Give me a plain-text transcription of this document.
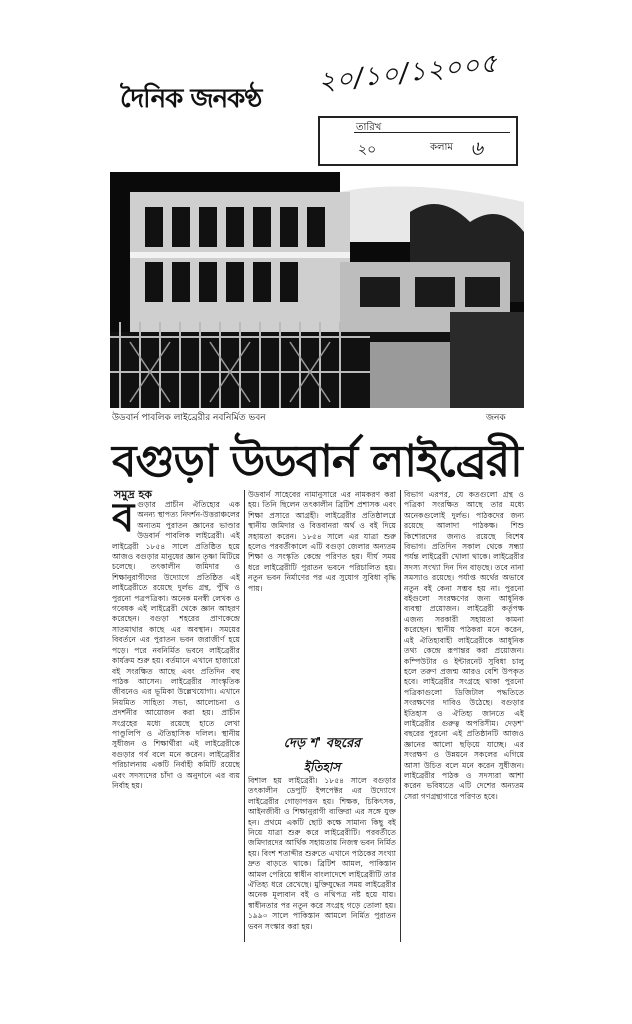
দৈনিক জনকণ্ঠ
২০/১০/১২০০৫
তারিখ
২০	কলাম ৬
উডবার্ন পাবলিক লাইব্রেরীর নবনির্মিত ভবন	জনক
বগুড়া উডবার্ন লাইব্রেরী
সমুদ্র হক
ব গুড়ার প্রাচীন ঐতিহ্যের এক অনন্য স্থাপত্য নিদর্শন-উত্তরাঞ্চলের অন্যতম পুরাতন জ্ঞানের ভাণ্ডার উডবার্ন পাবলিক লাইব্রেরী। এই লাইব্রেরী ১৮৫৪ সালে প্রতিষ্ঠিত হয়ে আজও বগুড়ার মানুষের জ্ঞান তৃষ্ণা মিটিয়ে চলেছে। তৎকালীন জমিদার ও শিক্ষানুরাগীদের উদ্যোগে প্রতিষ্ঠিত এই লাইব্রেরীতে রয়েছে দুর্লভ গ্রন্থ, পুঁথি ও পুরনো পত্রপত্রিকা। অনেক মনস্বী লেখক ও গবেষক এই লাইব্রেরী থেকে জ্ঞান আহরণ করেছেন। বগুড়া শহরের প্রাণকেন্দ্রে সাতমাথার কাছে এর অবস্থান। সময়ের বিবর্তনে এর পুরাতন ভবন জরাজীর্ণ হয়ে পড়ে। পরে নবনির্মিত ভবনে লাইব্রেরীর কার্যক্রম শুরু হয়। বর্তমানে এখানে হাজারো বই সংরক্ষিত আছে এবং প্রতিদিন বহু পাঠক আসেন। লাইব্রেরীর সাংস্কৃতিক জীবনেও এর ভূমিকা উল্লেখযোগ্য। এখানে নিয়মিত সাহিত্য সভা, আলোচনা ও প্রদর্শনীর আয়োজন করা হয়। প্রাচীন সংগ্রহের মধ্যে রয়েছে হাতে লেখা পাণ্ডুলিপি ও ঐতিহাসিক দলিল। স্থানীয় সুধীজন ও শিক্ষার্থীরা এই লাইব্রেরীকে বগুড়ার গর্ব বলে মনে করেন। লাইব্রেরীর পরিচালনায় একটি নির্বাহী কমিটি রয়েছে এবং সদস্যদের চাঁদা ও অনুদানে এর ব্যয় নির্বাহ হয়।

উডবার্ন সাহেবের নামানুসারে এর নামকরণ করা হয়। তিনি ছিলেন তৎকালীন ব্রিটিশ প্রশাসক এবং শিক্ষা প্রসারে আগ্রহী। লাইব্রেরীর প্রতিষ্ঠালগ্নে স্থানীয় জমিদার ও বিত্তবানরা অর্থ ও বই দিয়ে সহায়তা করেন। ১৮৫৪ সালে এর যাত্রা শুরু হলেও পরবর্তীকালে এটি বগুড়া জেলার অন্যতম শিক্ষা ও সংস্কৃতি কেন্দ্রে পরিণত হয়। দীর্ঘ সময় ধরে লাইব্রেরীটি পুরাতন ভবনে পরিচালিত হয়। নতুন ভবন নির্মাণের পর এর সুযোগ সুবিধা বৃদ্ধি পায়।

দেড় শ' বছরের
ইতিহাস

বিশাল হয় লাইব্রেরী। ১৮৫৪ সালে বগুড়ার তৎকালীন ডেপুটি ইন্সপেক্টর এর উদ্যোগে লাইব্রেরীর গোড়াপত্তন হয়। শিক্ষক, চিকিৎসক, আইনজীবী ও শিক্ষানুরাগী ব্যক্তিরা এর সঙ্গে যুক্ত হন। প্রথমে একটি ছোট কক্ষে সামান্য কিছু বই নিয়ে যাত্রা শুরু করে লাইব্রেরীটি। পরবর্তীতে জমিদারদের আর্থিক সহায়তায় নিজস্ব ভবন নির্মিত হয়। বিংশ শতাব্দীর শুরুতে এখানে পাঠকের সংখ্যা দ্রুত বাড়তে থাকে। ব্রিটিশ আমল, পাকিস্তান আমল পেরিয়ে স্বাধীন বাংলাদেশে লাইব্রেরীটি তার ঐতিহ্য ধরে রেখেছে। মুক্তিযুদ্ধের সময় লাইব্রেরীর অনেক মূল্যবান বই ও নথিপত্র নষ্ট হয়ে যায়। স্বাধীনতার পর নতুন করে সংগ্রহ গড়ে তোলা হয়। ১৯৯০ সালে পাকিস্তান আমলে নির্মিত পুরাতন ভবন সংস্কার করা হয়।

বিভাগ এরপর, যে কতগুলো গ্রন্থ ও পত্রিকা সংরক্ষিত আছে তার মধ্যে অনেকগুলোই দুর্লভ। পাঠকদের জন্য রয়েছে আলাদা পাঠকক্ষ। শিশু কিশোরদের জন্যও রয়েছে বিশেষ বিভাগ। প্রতিদিন সকাল থেকে সন্ধ্যা পর্যন্ত লাইব্রেরী খোলা থাকে। লাইব্রেরীর সদস্য সংখ্যা দিন দিন বাড়ছে। তবে নানা সমস্যাও রয়েছে। পর্যাপ্ত অর্থের অভাবে নতুন বই কেনা সম্ভব হয় না। পুরনো বইগুলো সংরক্ষণের জন্য আধুনিক ব্যবস্থা প্রয়োজন। লাইব্রেরী কর্তৃপক্ষ এজন্য সরকারী সহায়তা কামনা করেছেন। স্থানীয় পাঠকরা মনে করেন, এই ঐতিহ্যবাহী লাইব্রেরীকে আধুনিক তথ্য কেন্দ্রে রূপান্তর করা প্রয়োজন। কম্পিউটার ও ইন্টারনেট সুবিধা চালু হলে তরুণ প্রজন্ম আরও বেশি উপকৃত হবে। লাইব্রেরীর সংগ্রহে থাকা পুরনো পত্রিকাগুলো ডিজিটাল পদ্ধতিতে সংরক্ষণের দাবিও উঠেছে। বগুড়ার ইতিহাস ও ঐতিহ্য জানতে এই লাইব্রেরীর গুরুত্ব অপরিসীম। দেড়শ' বছরের পুরনো এই প্রতিষ্ঠানটি আজও জ্ঞানের আলো ছড়িয়ে যাচ্ছে। এর সংরক্ষণ ও উন্নয়নে সকলের এগিয়ে আসা উচিত বলে মনে করেন সুধীজন। লাইব্রেরীর পাঠক ও সদস্যরা আশা করেন ভবিষ্যতে এটি দেশের অন্যতম সেরা গণগ্রন্থাগারে পরিণত হবে।
